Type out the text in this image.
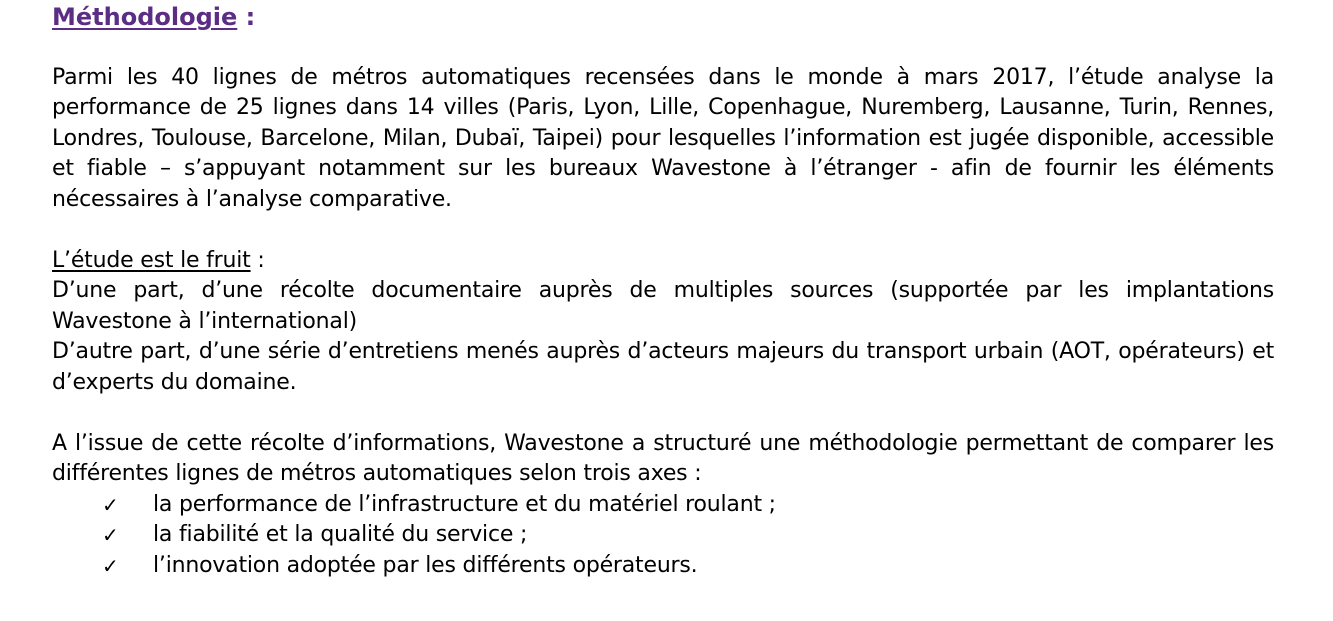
Méthodologie :

Parmi les 40 lignes de métros automatiques recensées dans le monde à mars 2017, l’étude analyse la performance de 25 lignes dans 14 villes (Paris, Lyon, Lille, Copenhague, Nuremberg, Lausanne, Turin, Rennes, Londres, Toulouse, Barcelone, Milan, Dubaï, Taipei) pour lesquelles l’information est jugée disponible, accessible et fiable – s’appuyant notamment sur les bureaux Wavestone à l’étranger - afin de fournir les éléments nécessaires à l’analyse comparative.

L’étude est le fruit :

D’une part, d’une récolte documentaire auprès de multiples sources (supportée par les implantations Wavestone à l’international)

D’autre part, d’une série d’entretiens menés auprès d’acteurs majeurs du transport urbain (AOT, opérateurs) et d’experts du domaine.

A l’issue de cette récolte d’informations, Wavestone a structuré une méthodologie permettant de comparer les différentes lignes de métros automatiques selon trois axes :

✓ la performance de l’infrastructure et du matériel roulant ;
✓ la fiabilité et la qualité du service ;
✓ l’innovation adoptée par les différents opérateurs.
